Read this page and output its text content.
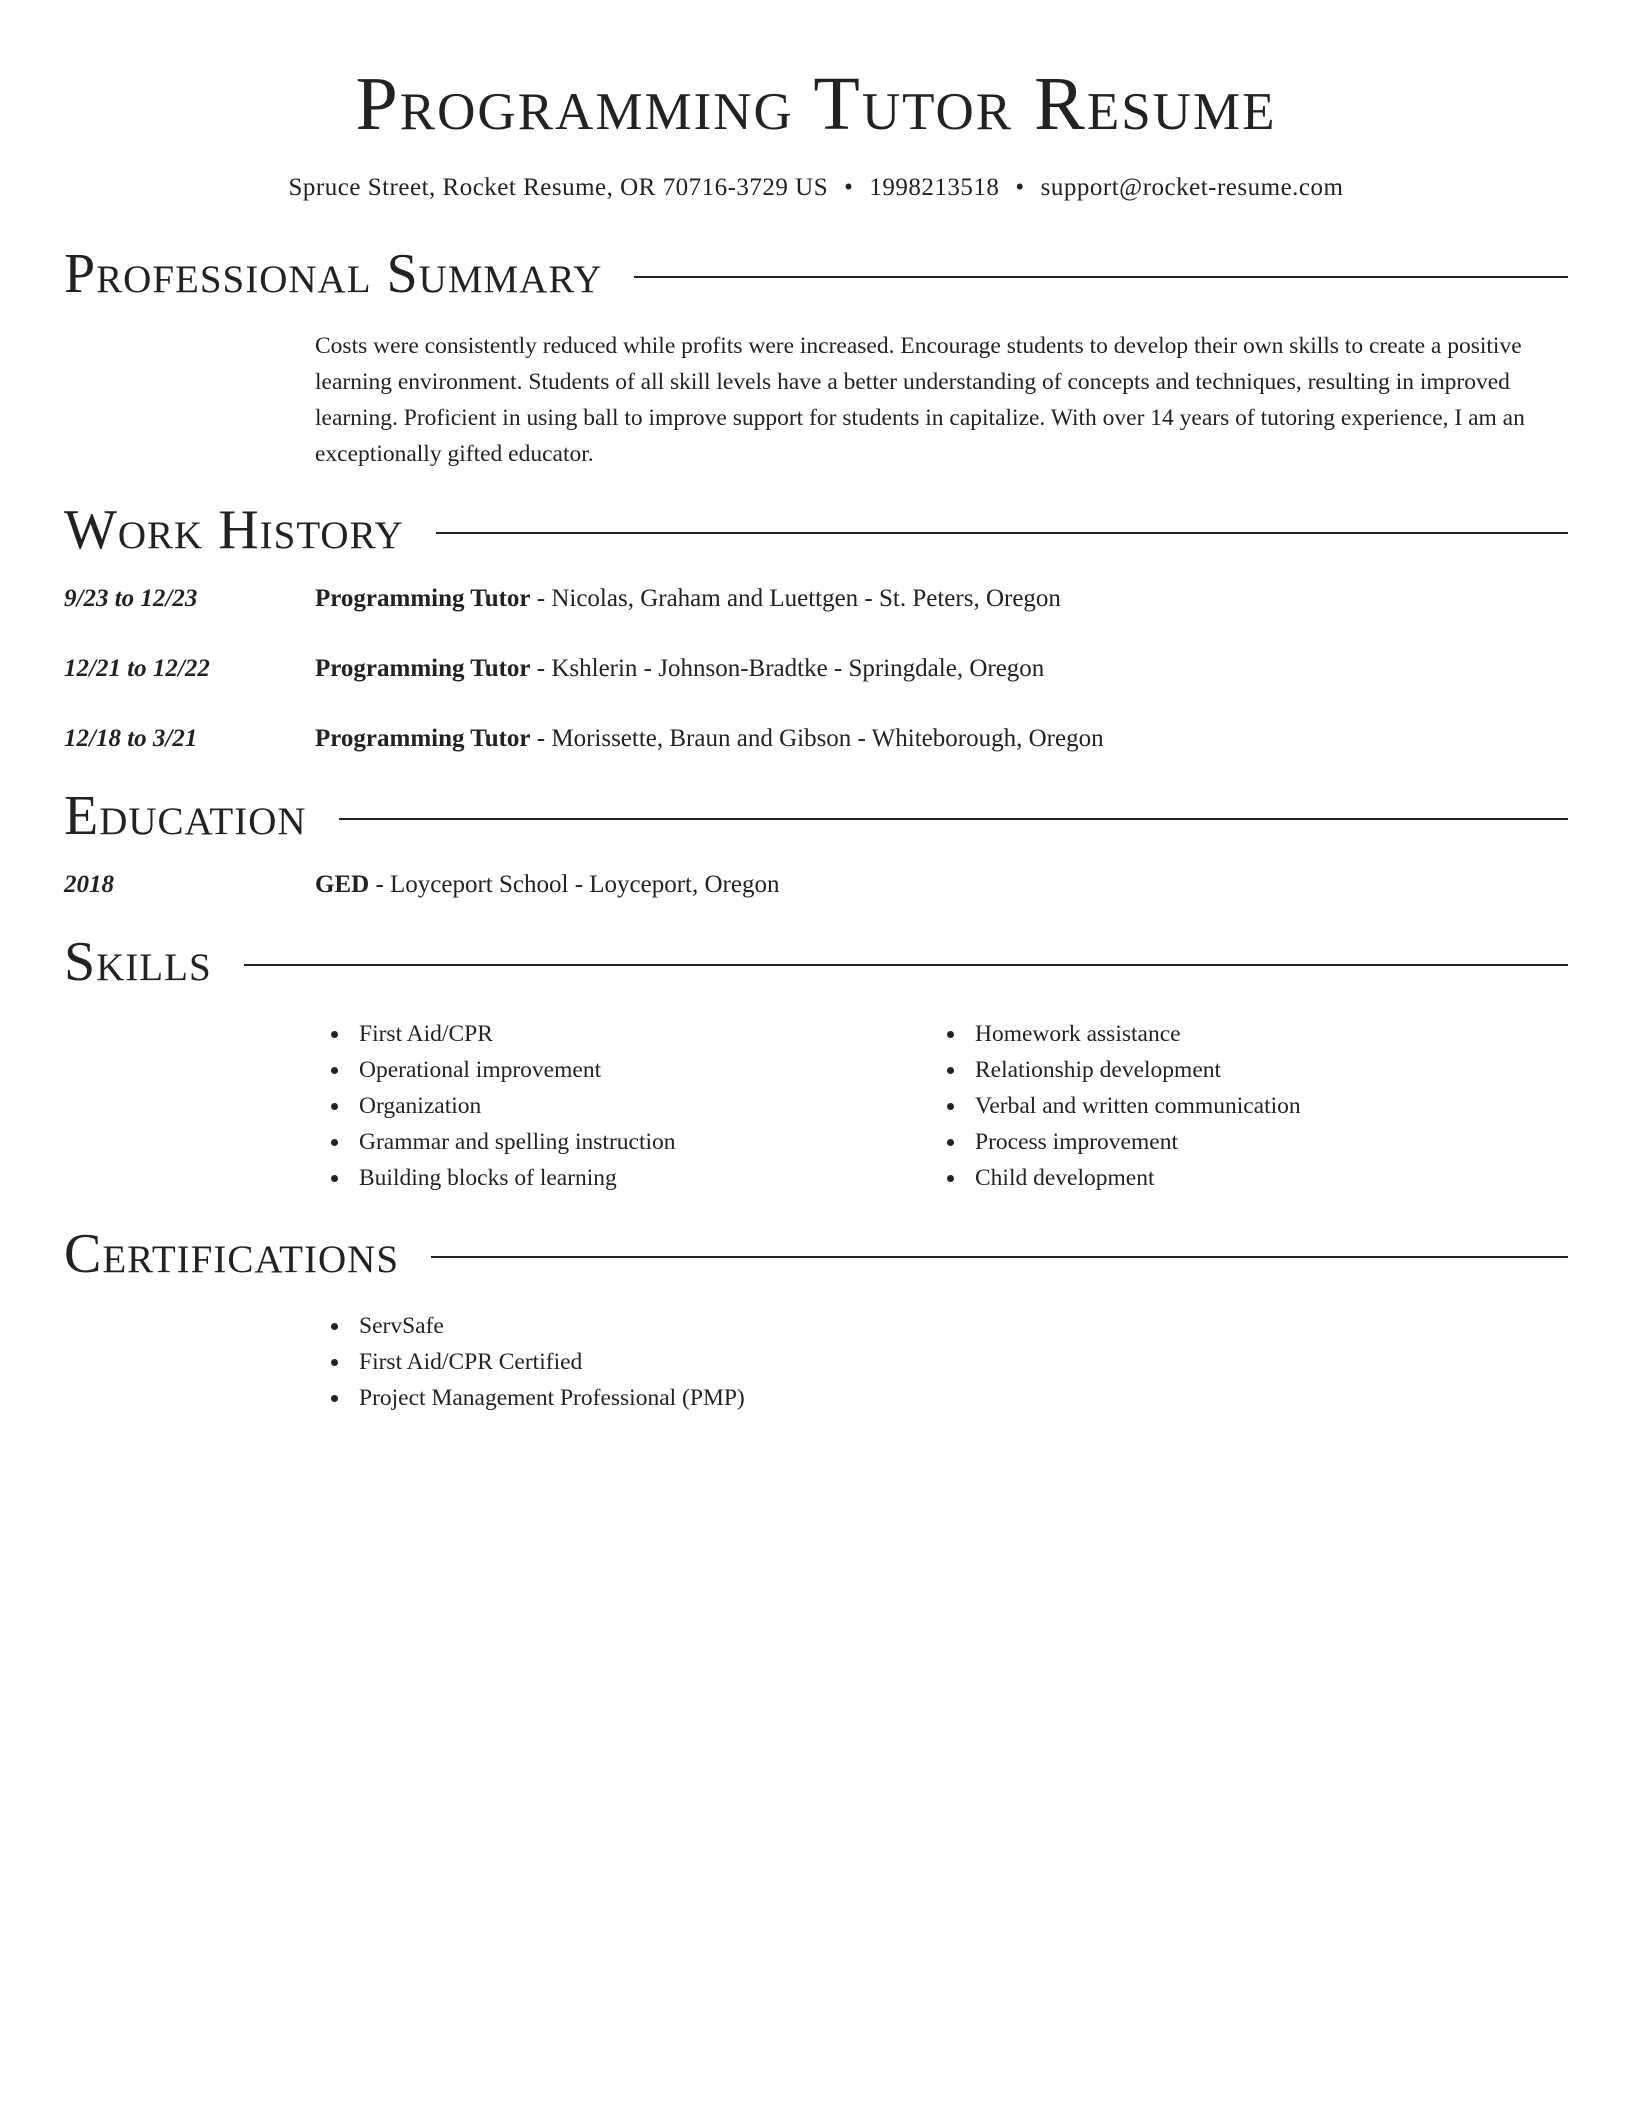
Programming Tutor Resume
Spruce Street, Rocket Resume, OR 70716-3729 US • 1998213518 • support@rocket-resume.com
Professional Summary
Costs were consistently reduced while profits were increased. Encourage students to develop their own skills to create a positive learning environment. Students of all skill levels have a better understanding of concepts and techniques, resulting in improved learning. Proficient in using ball to improve support for students in capitalize. With over 14 years of tutoring experience, I am an exceptionally gifted educator.
Work History
9/23 to 12/23	Programming Tutor - Nicolas, Graham and Luettgen - St. Peters, Oregon
12/21 to 12/22	Programming Tutor - Kshlerin - Johnson-Bradtke - Springdale, Oregon
12/18 to 3/21	Programming Tutor - Morissette, Braun and Gibson - Whiteborough, Oregon
Education
2018	GED - Loyceport School - Loyceport, Oregon
Skills
First Aid/CPR
Operational improvement
Organization
Grammar and spelling instruction
Building blocks of learning
Homework assistance
Relationship development
Verbal and written communication
Process improvement
Child development
Certifications
ServSafe
First Aid/CPR Certified
Project Management Professional (PMP)
